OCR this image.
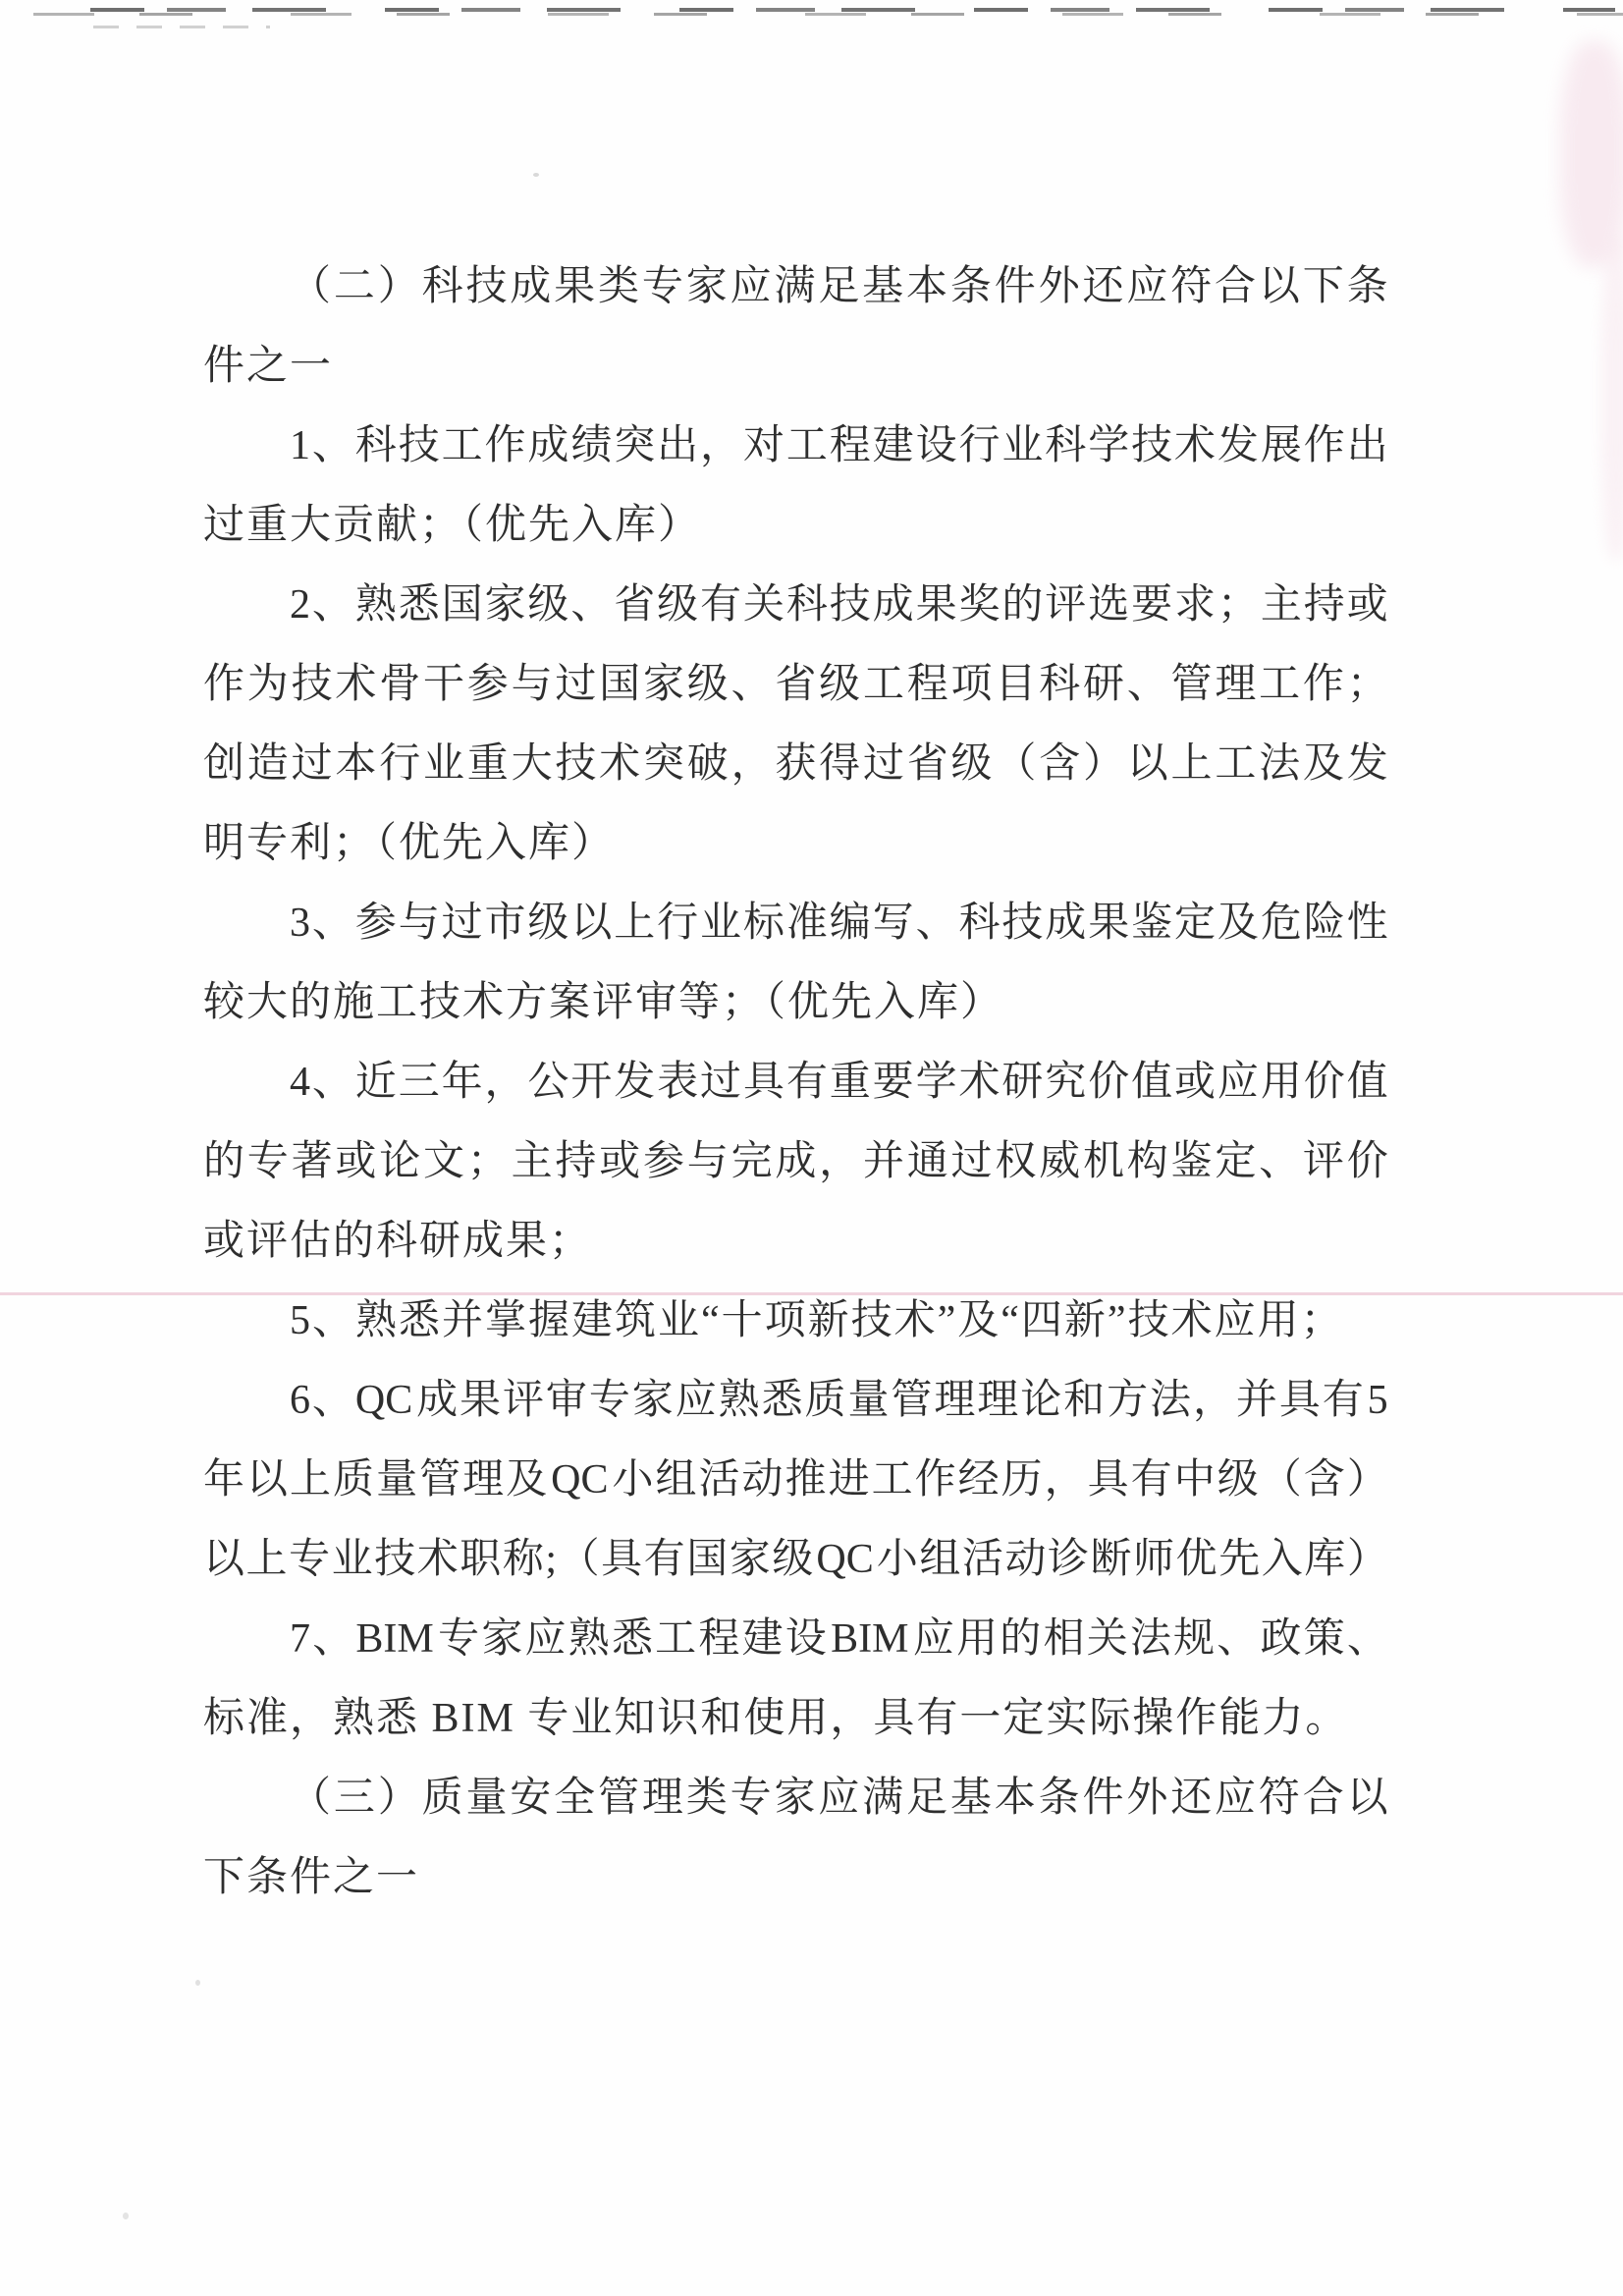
（ 二 ） 科 技 成 果 类 专 家 应 满 足 基 本 条 件 外 还 应 符 合 以 下 条
件之一
1 、 科 技 工 作 成 绩 突 出 ， 对 工 程 建 设 行 业 科 学 技 术 发 展 作 出
过重大贡献；（优先入库）
2 、 熟 悉 国 家 级 、 省 级 有 关 科 技 成 果 奖 的 评 选 要 求 ； 主 持 或
作 为 技 术 骨 干 参 与 过 国 家 级 、 省 级 工 程 项 目 科 研 、 管 理 工 作 ；
创 造 过 本 行 业 重 大 技 术 突 破 ， 获 得 过 省 级 （ 含 ） 以 上 工 法 及 发
明专利；（优先入库）
3 、 参 与 过 市 级 以 上 行 业 标 准 编 写 、 科 技 成 果 鉴 定 及 危 险 性
较大的施工技术方案评审等；（优先入库）
4 、 近 三 年 ， 公 开 发 表 过 具 有 重 要 学 术 研 究 价 值 或 应 用 价 值
的 专 著 或 论 文 ； 主 持 或 参 与 完 成 ， 并 通 过 权 威 机 构 鉴 定 、 评 价
或评估的科研成果；
5、熟悉并掌握建筑业“十项新技术”及“四新”技术应用；
6 、 QC 成 果 评 审 专 家 应 熟 悉 质 量 管 理 理 论 和 方 法 ， 并 具 有 5
年 以 上 质 量 管 理 及 QC 小 组 活 动 推 进 工 作 经 历 ， 具 有 中 级 （ 含 ）
以 上 专 业 技 术 职 称 ; （ 具 有 国 家 级 QC 小 组 活 动 诊 断 师 优 先 入 库 ）
7 、 BIM 专 家 应 熟 悉 工 程 建 设 BIM 应 用 的 相 关 法 规 、 政 策 、
标准，熟悉 BIM 专业知识和使用，具有一定实际操作能力。
（ 三 ） 质 量 安 全 管 理 类 专 家 应 满 足 基 本 条 件 外 还 应 符 合 以
下条件之一
